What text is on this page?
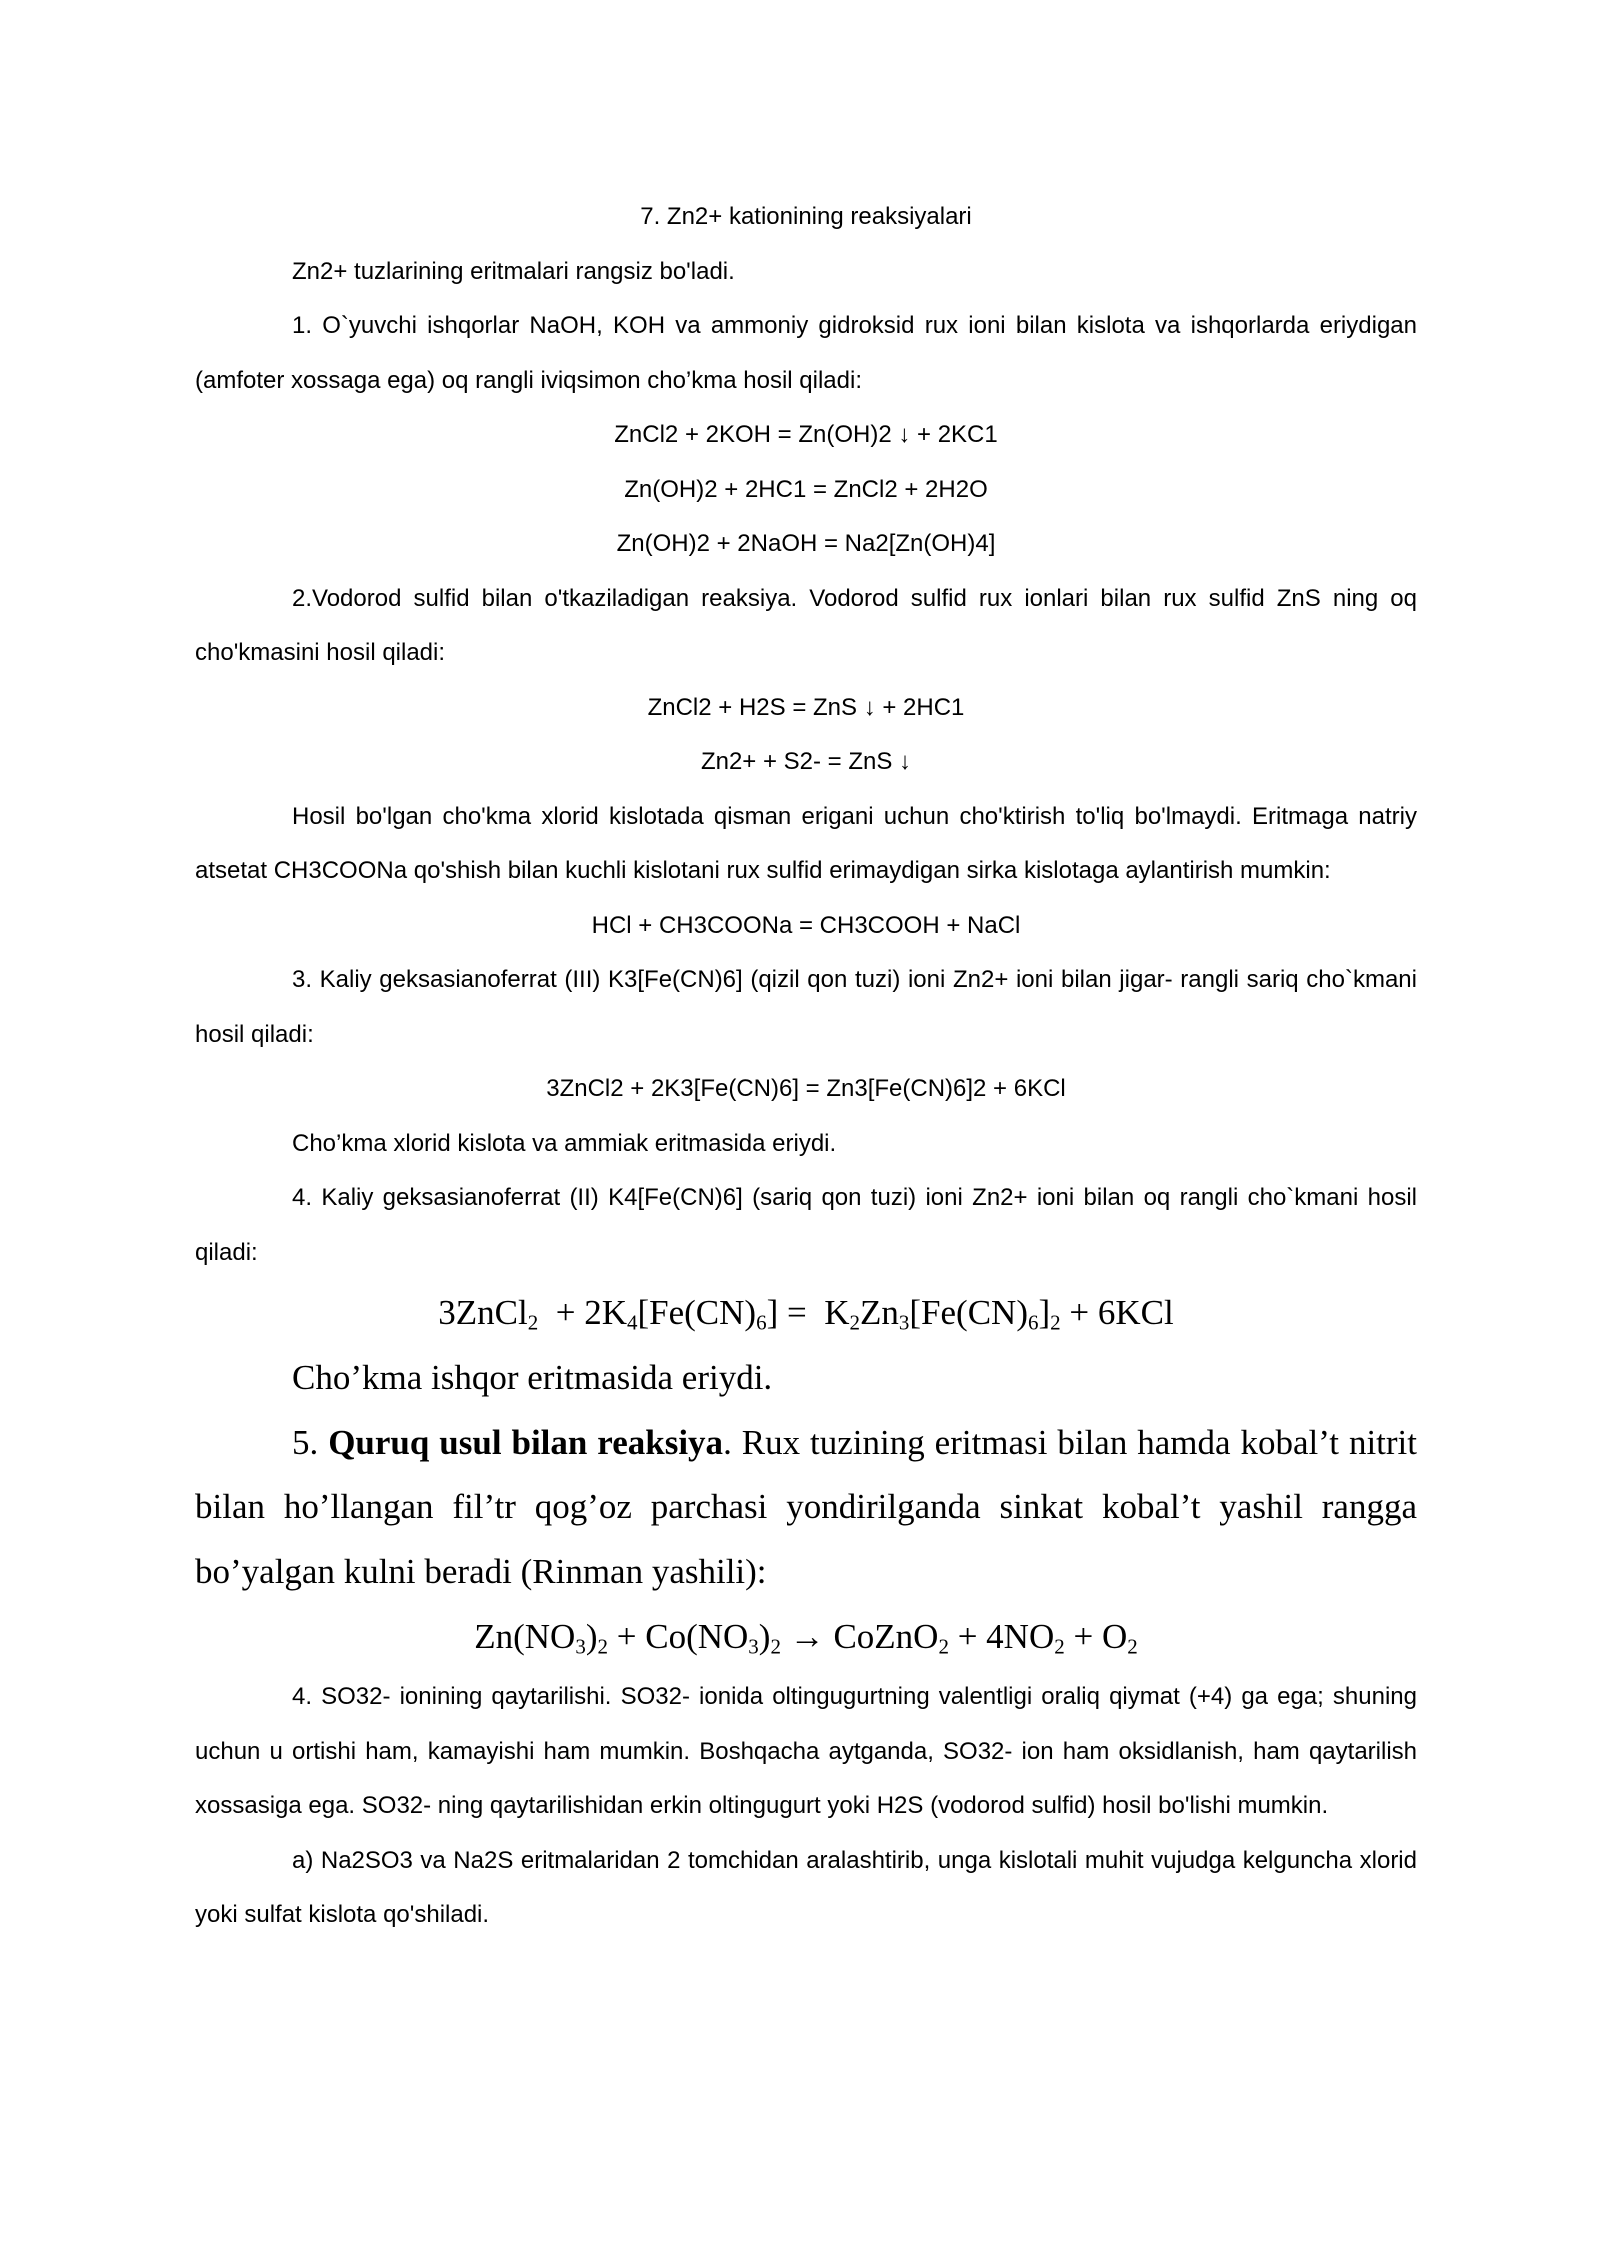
7. Zn2+ kationining reaksiyalari

Zn2+ tuzlarining eritmalari rangsiz bo'ladi.

1. O`yuvchi ishqorlar NaOH, KOH va ammoniy gidroksid rux ioni bilan kislota va ishqorlarda eriydigan (amfoter xossaga ega) oq rangli iviqsimon cho’kma hosil qiladi:

ZnCl2 + 2KOH = Zn(OH)2 ↓ + 2KC1

Zn(OH)2 + 2HC1 = ZnCl2 + 2H2O

Zn(OH)2 + 2NaOH = Na2[Zn(OH)4]

2.Vodorod sulfid bilan o'tkaziladigan reaksiya. Vodorod sulfid rux ionlari bilan rux sulfid ZnS ning oq cho'kmasini hosil qiladi:

ZnCl2 + H2S = ZnS ↓ + 2HC1

Zn2+ + S2- = ZnS ↓

Hosil bo'lgan cho'kma xlorid kislotada qisman erigani uchun cho'ktirish to'liq bo'lmaydi. Eritmaga natriy atsetat CH3COONa qo'shish bilan kuchli kislotani rux sulfid erimaydigan sirka kislotaga aylantirish mumkin:

HCl + CH3COONa = CH3COOH + NaCl

3. Kaliy geksasianoferrat (III) K3[Fe(CN)6] (qizil qon tuzi) ioni Zn2+ ioni bilan jigar- rangli sariq cho`kmani hosil qiladi:

3ZnCl2 + 2K3[Fe(CN)6] = Zn3[Fe(CN)6]2 + 6KCl

Cho’kma xlorid kislota va ammiak eritmasida eriydi.

4. Kaliy geksasianoferrat (II) K4[Fe(CN)6] (sariq qon tuzi) ioni Zn2+ ioni bilan oq rangli cho`kmani hosil qiladi:

3ZnCl$_2$  + $2K_4[Fe(CN)_6] = K_2Zn_3[Fe(CN)_6]_2 + 6KCl$

Cho’kma ishqor eritmasida eriydi.

5. Quruq usul bilan reaksiya. Rux tuzining eritmasi bilan hamda kobal’t nitrit bilan ho’llangan fil’tr qog’oz parchasi yondirilganda sinkat kobal’t yashil rangga bo’yalgan kulni beradi (Rinman yashili):

$Zn(NO_3)_2 + Co(NO_3)_2$ → CoZnO$_2$ + $4NO_2 + O_2$

4. SO32- ionining qaytarilishi. SO32- ionida oltingugurtning valentligi oraliq qiymat (+4) ga ega; shuning uchun u ortishi ham, kamayishi ham mumkin. Boshqacha aytganda, SO32- ion ham oksidlanish, ham qaytarilish xossasiga ega. SO32- ning qaytarilishidan erkin oltingugurt yoki H2S (vodorod sulfid) hosil bo'lishi mumkin.

a) Na2SO3 va Na2S eritmalaridan 2 tomchidan aralashtirib, unga kislotali muhit vujudga kelguncha xlorid yoki sulfat kislota qo'shiladi.
